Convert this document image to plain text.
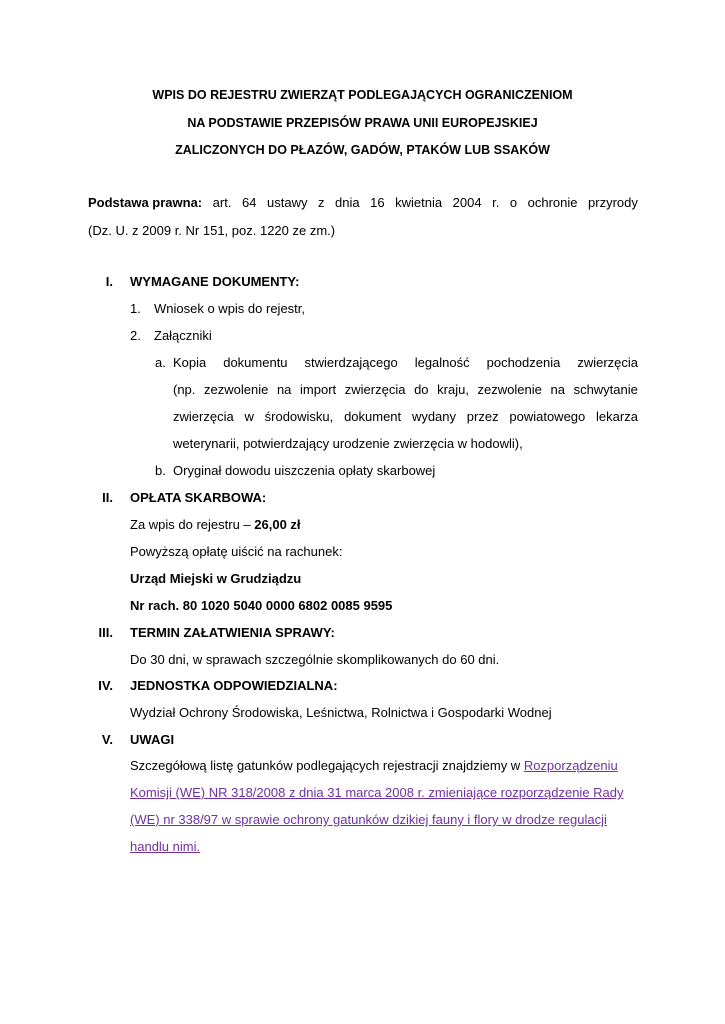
WPIS DO REJESTRU ZWIERZĄT PODLEGAJĄCYCH OGRANICZENIOM
NA PODSTAWIE PRZEPISÓW PRAWA UNII EUROPEJSKIEJ
ZALICZONYCH DO PŁAZÓW, GADÓW, PTAKÓW LUB SSAKÓW
Podstawa prawna: art. 64 ustawy z dnia 16 kwietnia 2004 r. o ochronie przyrody
(Dz. U. z 2009 r. Nr 151, poz. 1220 ze zm.)
I. WYMAGANE DOKUMENTY:
1. Wniosek o wpis do rejestr,
2. Załączniki
a. Kopia dokumentu stwierdzającego legalność pochodzenia zwierzęcia
(np. zezwolenie na import zwierzęcia do kraju, zezwolenie na schwytanie
zwierzęcia w środowisku, dokument wydany przez powiatowego lekarza
weterynarii, potwierdzający urodzenie zwierzęcia w hodowli),
b. Oryginał dowodu uiszczenia opłaty skarbowej
II. OPŁATA SKARBOWA:
Za wpis do rejestru – 26,00 zł
Powyższą opłatę uiścić na rachunek:
Urząd Miejski w Grudziądzu
Nr rach. 80 1020 5040 0000 6802 0085 9595
III. TERMIN ZAŁATWIENIA SPRAWY:
Do 30 dni, w sprawach szczególnie skomplikowanych do 60 dni.
IV. JEDNOSTKA ODPOWIEDZIALNA:
Wydział Ochrony Środowiska, Leśnictwa, Rolnictwa i Gospodarki Wodnej
V. UWAGI
Szczegółową listę gatunków podlegających rejestracji znajdziemy w Rozporządzeniu
Komisji (WE) NR 318/2008 z dnia 31 marca 2008 r. zmieniające rozporządzenie Rady
(WE) nr 338/97 w sprawie ochrony gatunków dzikiej fauny i flory w drodze regulacji
handlu nimi.
